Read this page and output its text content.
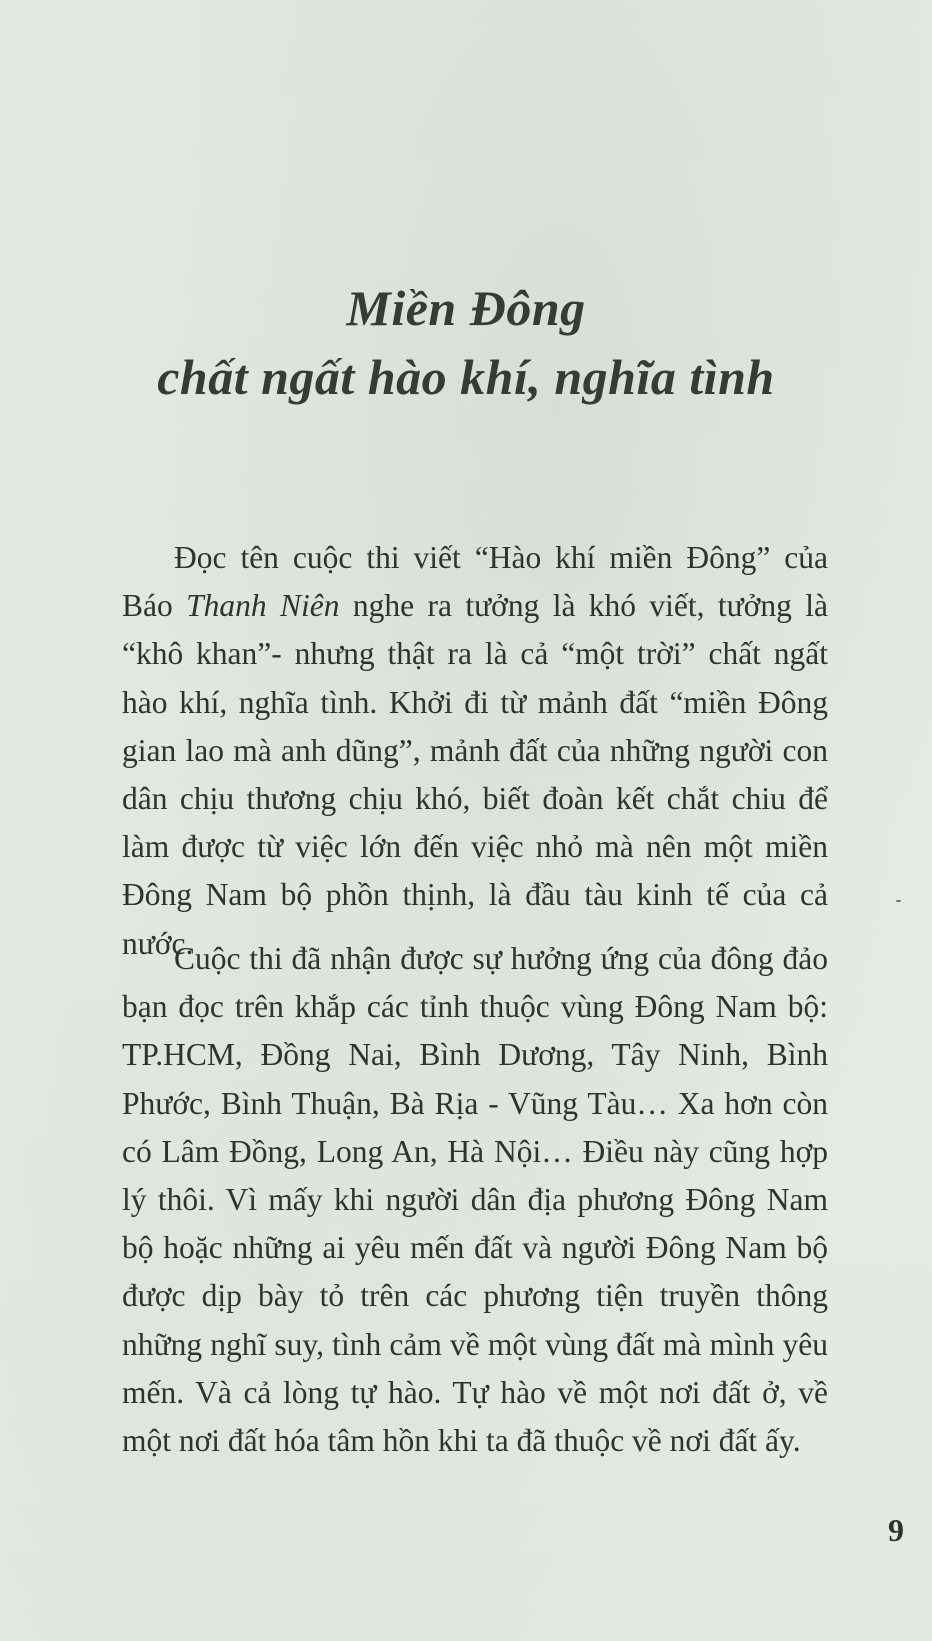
Miền Đông
chất ngất hào khí, nghĩa tình

Đọc tên cuộc thi viết “Hào khí miền Đông” của Báo Thanh Niên nghe ra tưởng là khó viết, tưởng là “khô khan”- nhưng thật ra là cả “một trời” chất ngất hào khí, nghĩa tình. Khởi đi từ mảnh đất “miền Đông gian lao mà anh dũng”, mảnh đất của những người con dân chịu thương chịu khó, biết đoàn kết chắt chiu để làm được từ việc lớn đến việc nhỏ mà nên một miền Đông Nam bộ phồn thịnh, là đầu tàu kinh tế của cả nước.

Cuộc thi đã nhận được sự hưởng ứng của đông đảo bạn đọc trên khắp các tỉnh thuộc vùng Đông Nam bộ: TP.HCM, Đồng Nai, Bình Dương, Tây Ninh, Bình Phước, Bình Thuận, Bà Rịa - Vũng Tàu… Xa hơn còn có Lâm Đồng, Long An, Hà Nội… Điều này cũng hợp lý thôi. Vì mấy khi người dân địa phương Đông Nam bộ hoặc những ai yêu mến đất và người Đông Nam bộ được dịp bày tỏ trên các phương tiện truyền thông những nghĩ suy, tình cảm về một vùng đất mà mình yêu mến. Và cả lòng tự hào. Tự hào về một nơi đất ở, về một nơi đất hóa tâm hồn khi ta đã thuộc về nơi đất ấy.

9
